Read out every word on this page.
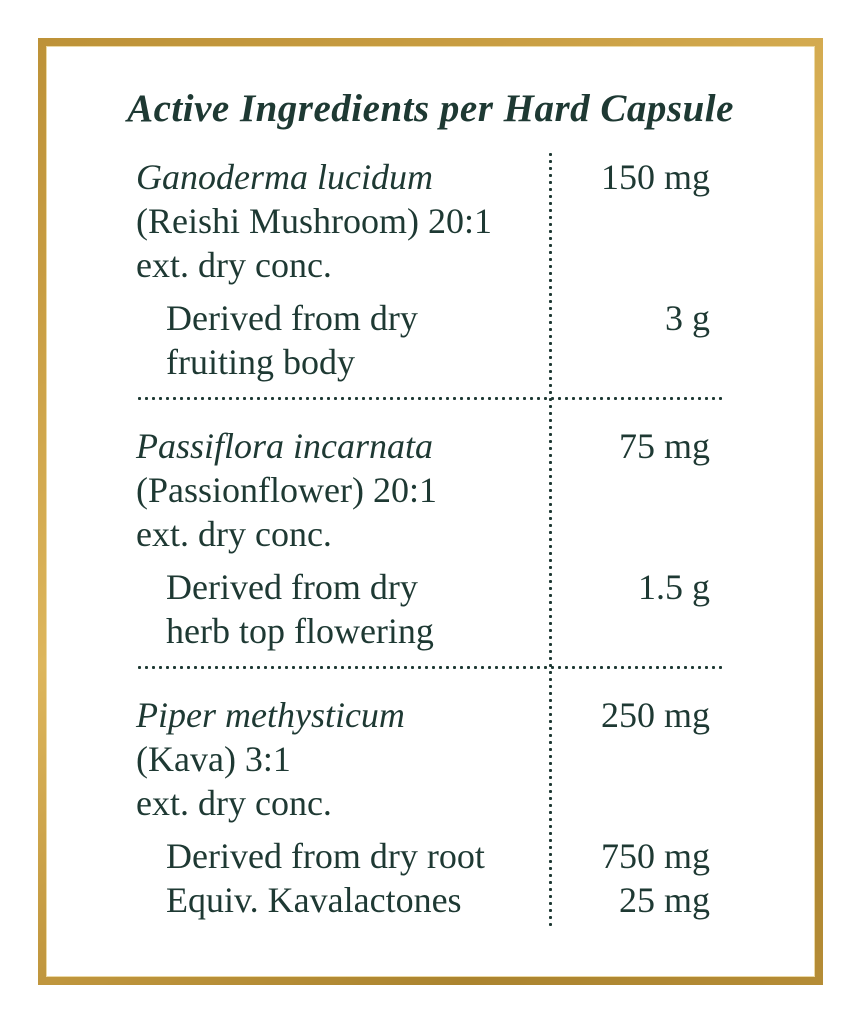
Active Ingredients per Hard Capsule
Ganoderma lucidum	150 mg
(Reishi Mushroom) 20:1
ext. dry conc.
Derived from dry	3 g
fruiting body
Passiflora incarnata	75 mg
(Passionflower) 20:1
ext. dry conc.
Derived from dry	1.5 g
herb top flowering
Piper methysticum	250 mg
(Kava) 3:1
ext. dry conc.
Derived from dry root	750 mg
Equiv. Kavalactones	25 mg
